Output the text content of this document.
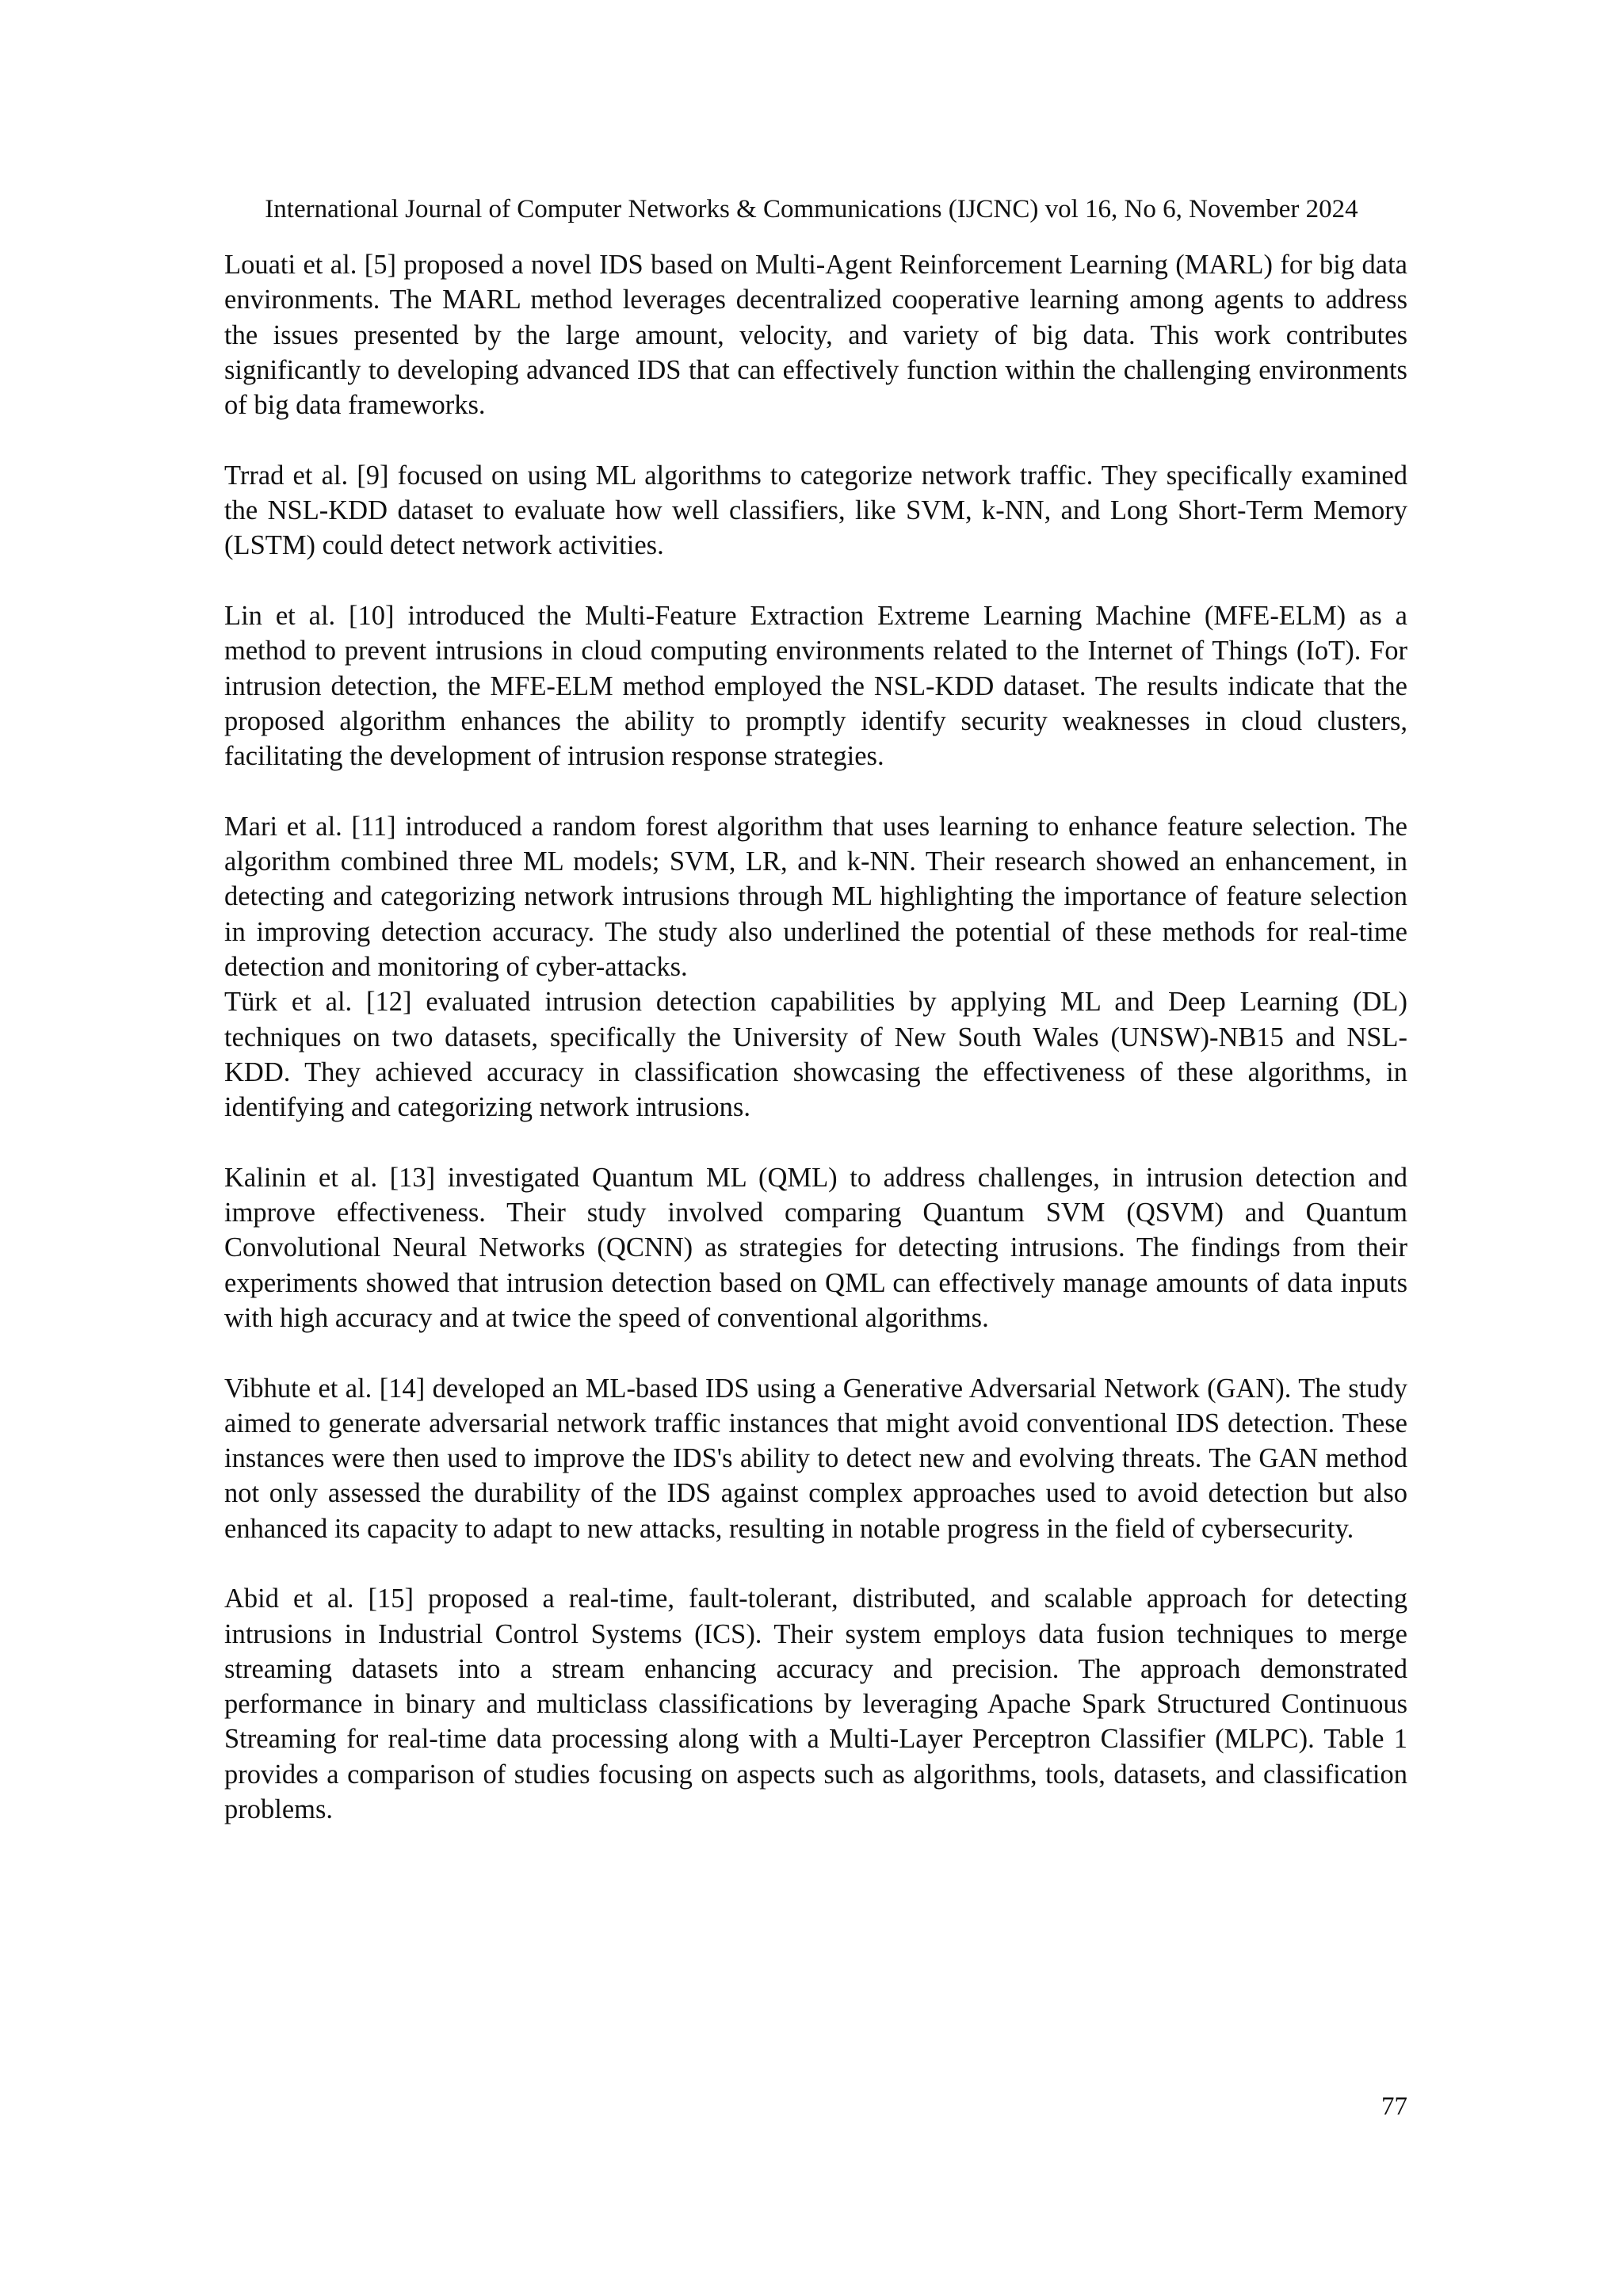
International Journal of Computer Networks & Communications (IJCNC) vol 16, No 6, November 2024

Louati et al. [5] proposed a novel IDS based on Multi-Agent Reinforcement Learning (MARL) for big data environments. The MARL method leverages decentralized cooperative learning among agents to address the issues presented by the large amount, velocity, and variety of big data. This work contributes significantly to developing advanced IDS that can effectively function within the challenging environments of big data frameworks.

Trrad et al. [9] focused on using ML algorithms to categorize network traffic. They specifically examined the NSL-KDD dataset to evaluate how well classifiers, like SVM, k-NN, and Long Short-Term Memory (LSTM) could detect network activities.

Lin et al. [10] introduced the Multi-Feature Extraction Extreme Learning Machine (MFE-ELM) as a method to prevent intrusions in cloud computing environments related to the Internet of Things (IoT). For intrusion detection, the MFE-ELM method employed the NSL-KDD dataset. The results indicate that the proposed algorithm enhances the ability to promptly identify security weaknesses in cloud clusters, facilitating the development of intrusion response strategies.

Mari et al. [11] introduced a random forest algorithm that uses learning to enhance feature selection. The algorithm combined three ML models; SVM, LR, and k-NN. Their research showed an enhancement, in detecting and categorizing network intrusions through ML highlighting the importance of feature selection in improving detection accuracy. The study also underlined the potential of these methods for real-time detection and monitoring of cyber-attacks.

Türk et al. [12] evaluated intrusion detection capabilities by applying ML and Deep Learning (DL) techniques on two datasets, specifically the University of New South Wales (UNSW)-NB15 and NSL-KDD. They achieved accuracy in classification showcasing the effectiveness of these algorithms, in identifying and categorizing network intrusions.

Kalinin et al. [13] investigated Quantum ML (QML) to address challenges, in intrusion detection and improve effectiveness. Their study involved comparing Quantum SVM (QSVM) and Quantum Convolutional Neural Networks (QCNN) as strategies for detecting intrusions. The findings from their experiments showed that intrusion detection based on QML can effectively manage amounts of data inputs with high accuracy and at twice the speed of conventional algorithms.

Vibhute et al. [14] developed an ML-based IDS using a Generative Adversarial Network (GAN). The study aimed to generate adversarial network traffic instances that might avoid conventional IDS detection. These instances were then used to improve the IDS's ability to detect new and evolving threats. The GAN method not only assessed the durability of the IDS against complex approaches used to avoid detection but also enhanced its capacity to adapt to new attacks, resulting in notable progress in the field of cybersecurity.

Abid et al. [15] proposed a real-time, fault-tolerant, distributed, and scalable approach for detecting intrusions in Industrial Control Systems (ICS). Their system employs data fusion techniques to merge streaming datasets into a stream enhancing accuracy and precision. The approach demonstrated performance in binary and multiclass classifications by leveraging Apache Spark Structured Continuous Streaming for real-time data processing along with a Multi-Layer Perceptron Classifier (MLPC). Table 1 provides a comparison of studies focusing on aspects such as algorithms, tools, datasets, and classification problems.

77
